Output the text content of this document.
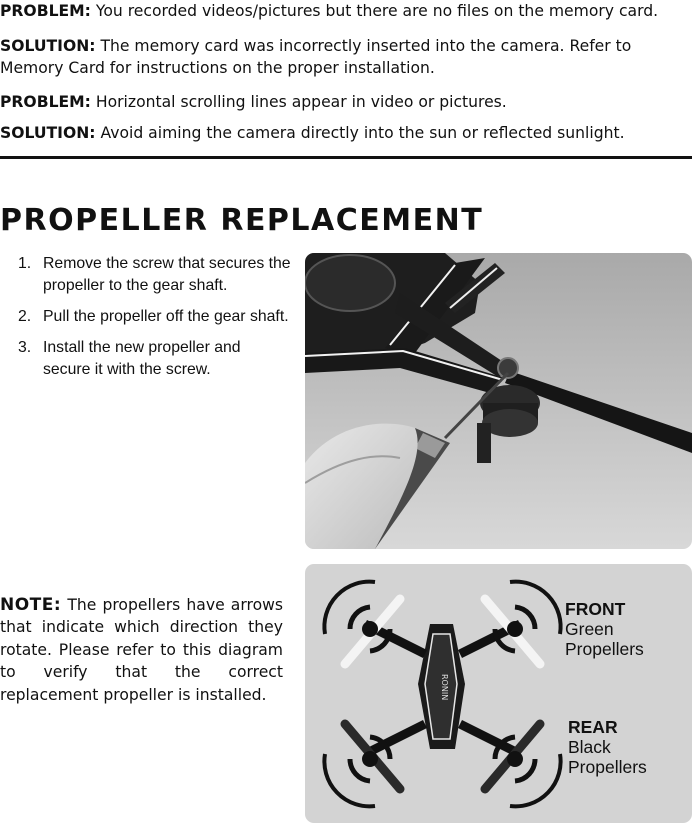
PROBLEM: You recorded videos/pictures but there are no files on the memory card.
SOLUTION: The memory card was incorrectly inserted into the camera. Refer to Memory Card for instructions on the proper installation.
PROBLEM: Horizontal scrolling lines appear in video or pictures.
SOLUTION: Avoid aiming the camera directly into the sun or reflected sunlight.
PROPELLER REPLACEMENT
1. Remove the screw that secures the propeller to the gear shaft.
2. Pull the propeller off the gear shaft.
3. Install the new propeller and secure it with the screw.
NOTE: The propellers have arrows that indicate which direction they rotate. Please refer to this diagram to verify that the correct replacement propeller is installed.	RONIN
FRONT
Green
Propellers
REAR
Black
Propellers
